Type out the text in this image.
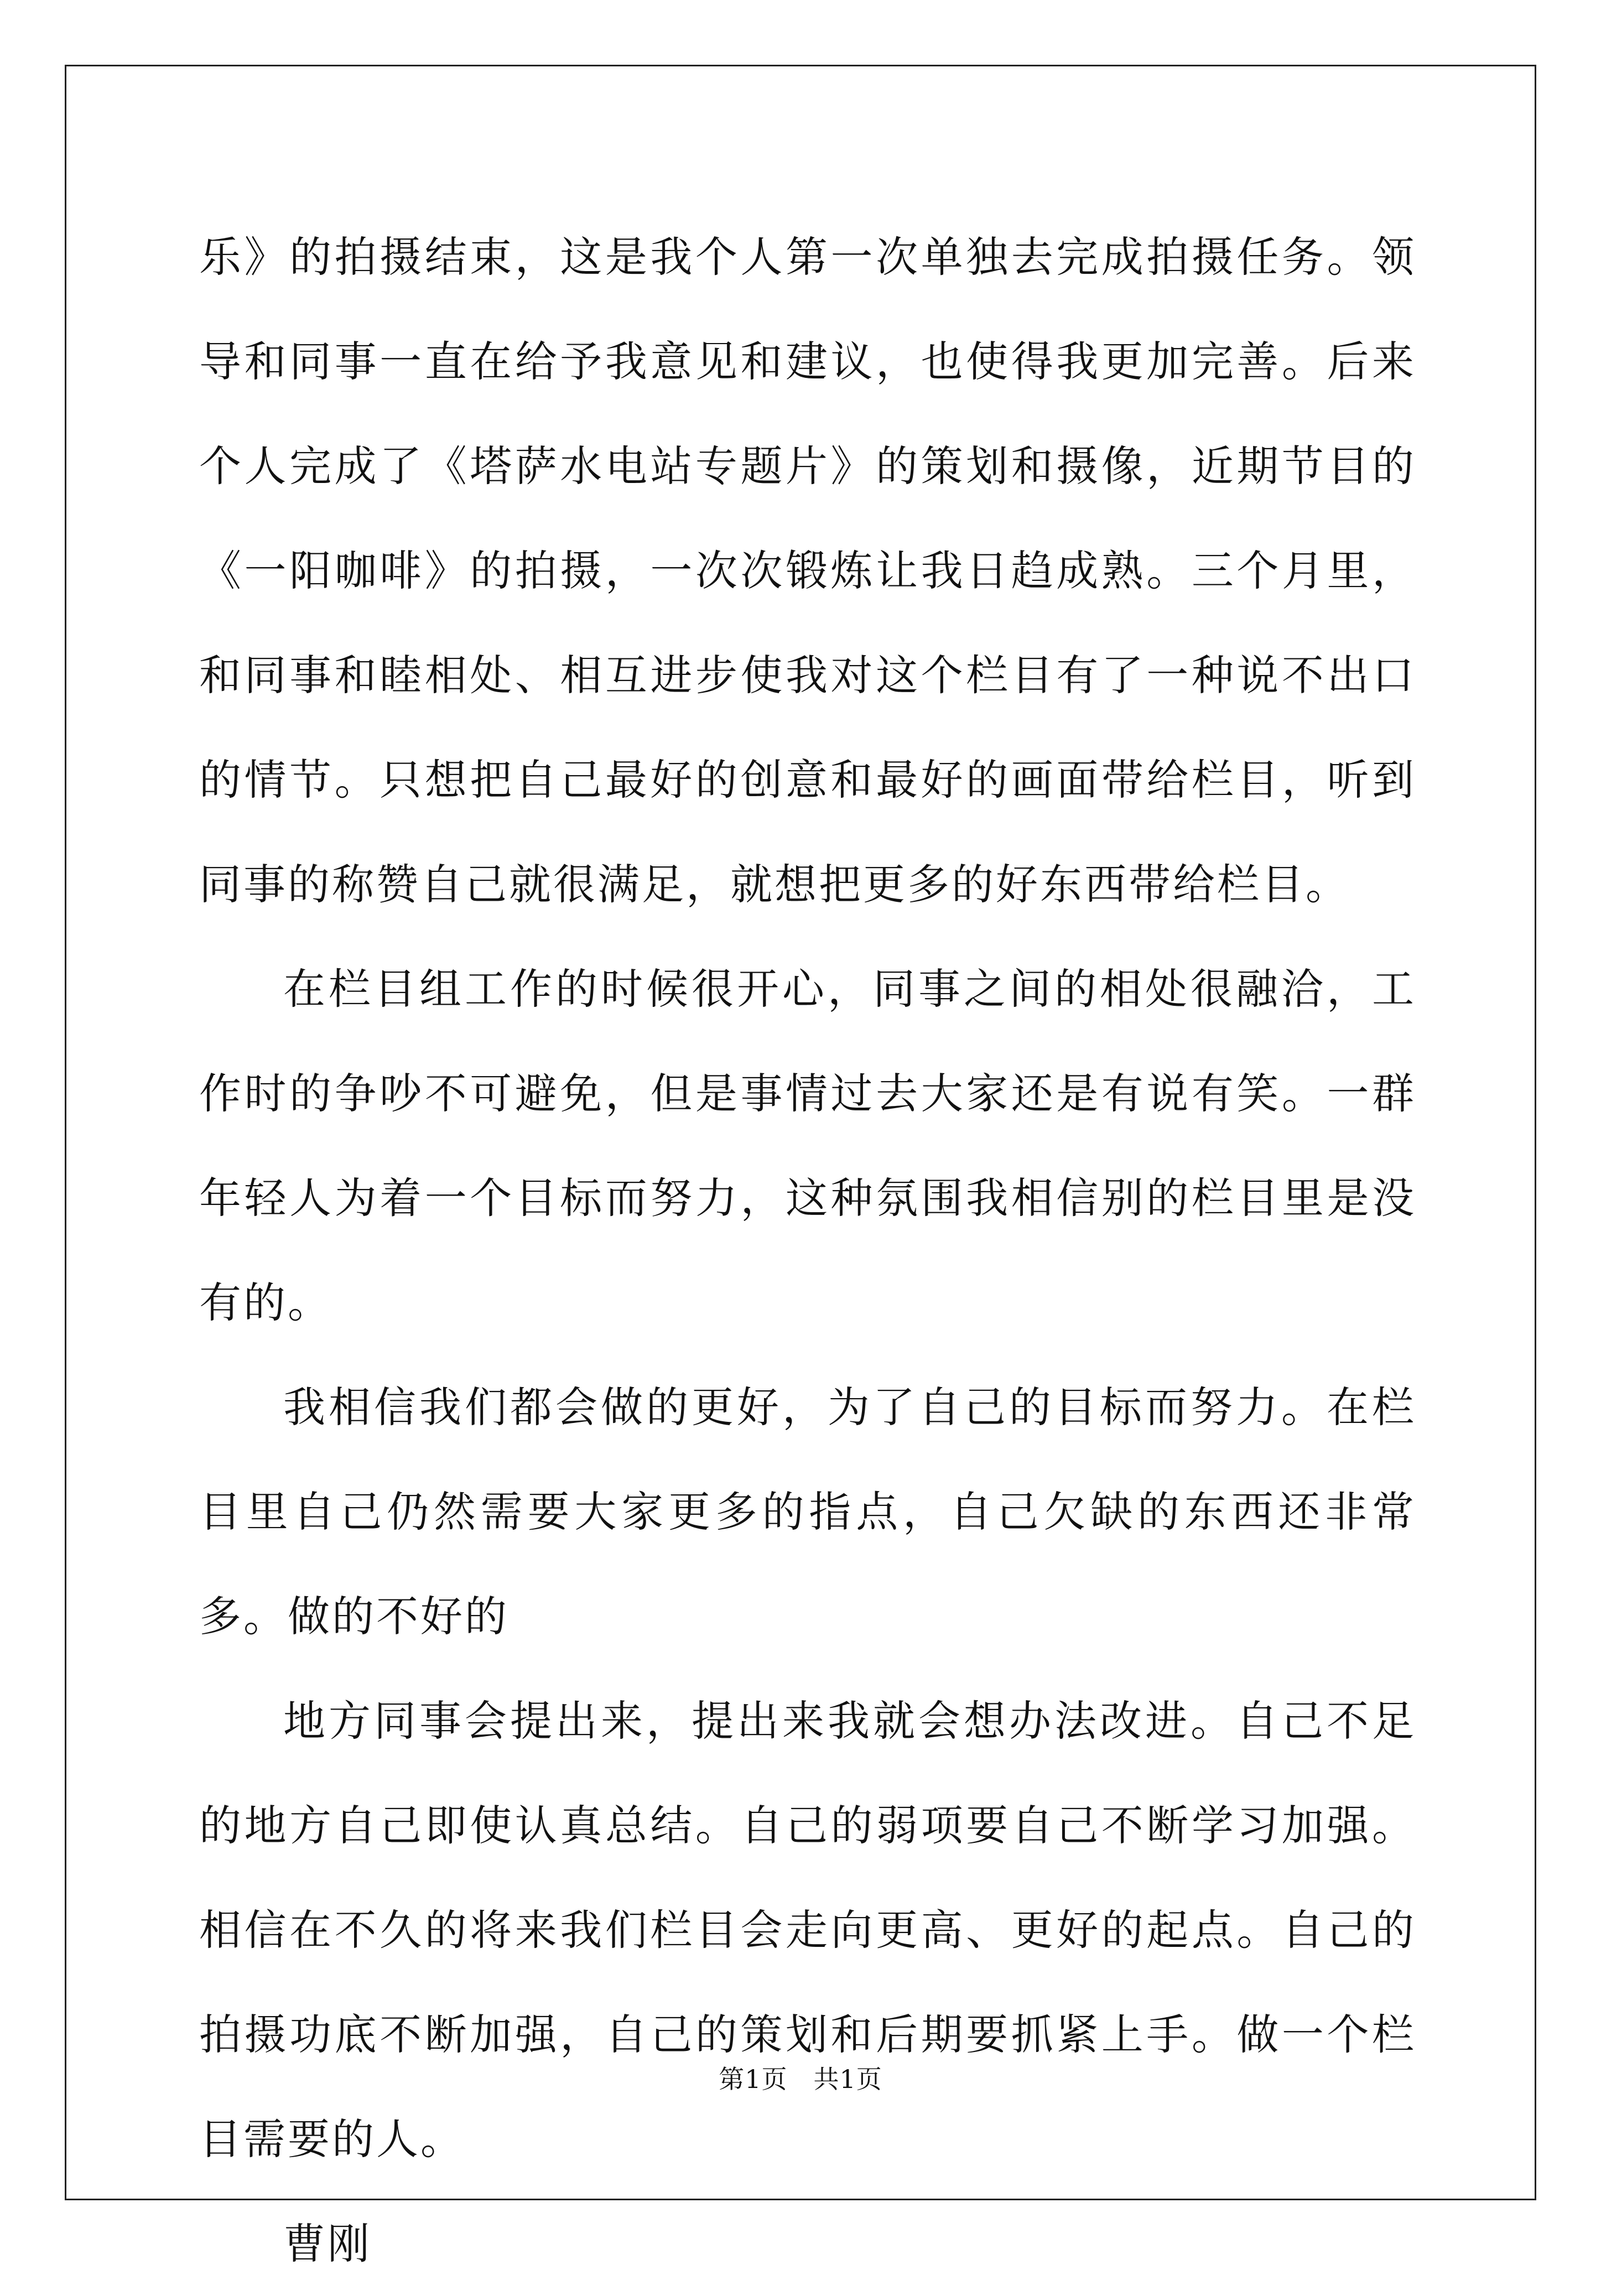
乐》的拍摄结束，这是我个人第一次单独去完成拍摄任务。领导和同事一直在给予我意见和建议，也使得我更加完善。后来个人完成了《塔萨水电站专题片》的策划和摄像，近期节目的《一阳咖啡》的拍摄，一次次锻炼让我日趋成熟。三个月里，和同事和睦相处、相互进步使我对这个栏目有了一种说不出口的情节。只想把自己最好的创意和最好的画面带给栏目，听到同事的称赞自己就很满足，就想把更多的好东西带给栏目。

在栏目组工作的时候很开心，同事之间的相处很融洽，工作时的争吵不可避免，但是事情过去大家还是有说有笑。一群年轻人为着一个目标而努力，这种氛围我相信别的栏目里是没有的。

我相信我们都会做的更好，为了自己的目标而努力。在栏目里自己仍然需要大家更多的指点，自己欠缺的东西还非常多。做的不好的

地方同事会提出来，提出来我就会想办法改进。自己不足的地方自己即使认真总结。自己的弱项要自己不断学习加强。相信在不久的将来我们栏目会走向更高、更好的起点。自己的拍摄功底不断加强，自己的策划和后期要抓紧上手。做一个栏目需要的人。

曹刚

第1页 共1页
